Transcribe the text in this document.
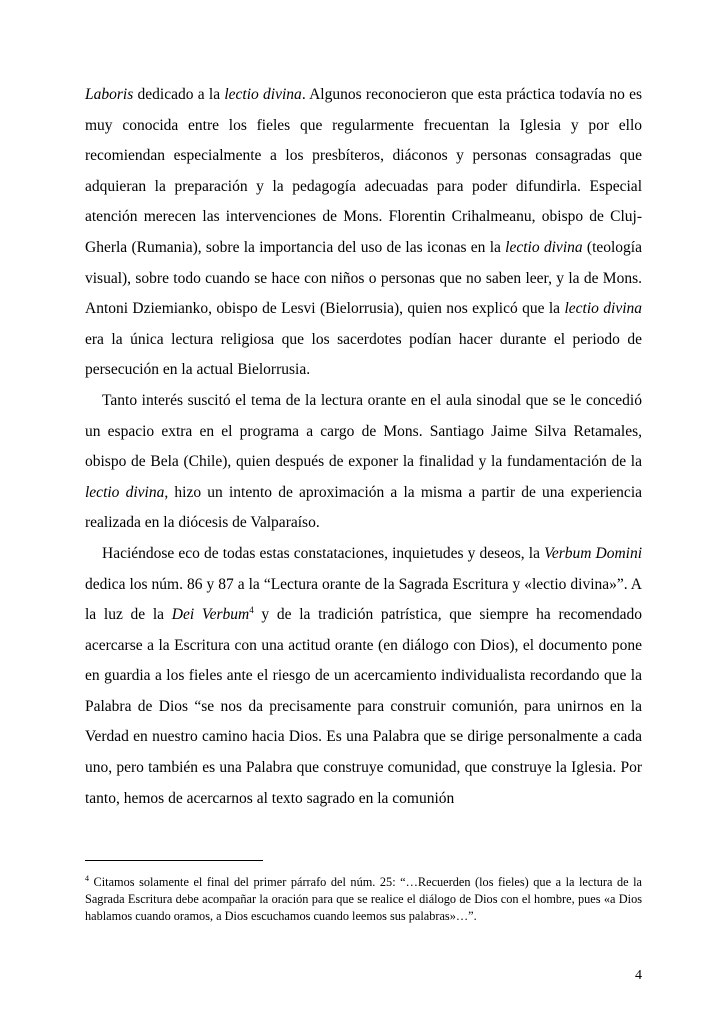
Laboris dedicado a la lectio divina. Algunos reconocieron que esta práctica todavía no es muy conocida entre los fieles que regularmente frecuentan la Iglesia y por ello recomiendan especialmente a los presbíteros, diáconos y personas consagradas que adquieran la preparación y la pedagogía adecuadas para poder difundirla. Especial atención merecen las intervenciones de Mons. Florentin Crihalmeanu, obispo de Cluj-Gherla (Rumania), sobre la importancia del uso de las iconas en la lectio divina (teología visual), sobre todo cuando se hace con niños o personas que no saben leer, y la de Mons. Antoni Dziemianko, obispo de Lesvi (Bielorrusia), quien nos explicó que la lectio divina era la única lectura religiosa que los sacerdotes podían hacer durante el periodo de persecución en la actual Bielorrusia.

Tanto interés suscitó el tema de la lectura orante en el aula sinodal que se le concedió un espacio extra en el programa a cargo de Mons. Santiago Jaime Silva Retamales, obispo de Bela (Chile), quien después de exponer la finalidad y la fundamentación de la lectio divina, hizo un intento de aproximación a la misma a partir de una experiencia realizada en la diócesis de Valparaíso.

Haciéndose eco de todas estas constataciones, inquietudes y deseos, la Verbum Domini dedica los núm. 86 y 87 a la “Lectura orante de la Sagrada Escritura y «lectio divina»”. A la luz de la Dei Verbum$^4$ y de la tradición patrística, que siempre ha recomendado acercarse a la Escritura con una actitud orante (en diálogo con Dios), el documento pone en guardia a los fieles ante el riesgo de un acercamiento individualista recordando que la Palabra de Dios “se nos da precisamente para construir comunión, para unirnos en la Verdad en nuestro camino hacia Dios. Es una Palabra que se dirige personalmente a cada uno, pero también es una Palabra que construye comunidad, que construye la Iglesia. Por tanto, hemos de acercarnos al texto sagrado en la comunión

$^4$ Citamos solamente el final del primer párrafo del núm. 25: “…Recuerden (los fieles) que a la lectura de la Sagrada Escritura debe acompañar la oración para que se realice el diálogo de Dios con el hombre, pues «a Dios hablamos cuando oramos, a Dios escuchamos cuando leemos sus palabras»…”.
4
